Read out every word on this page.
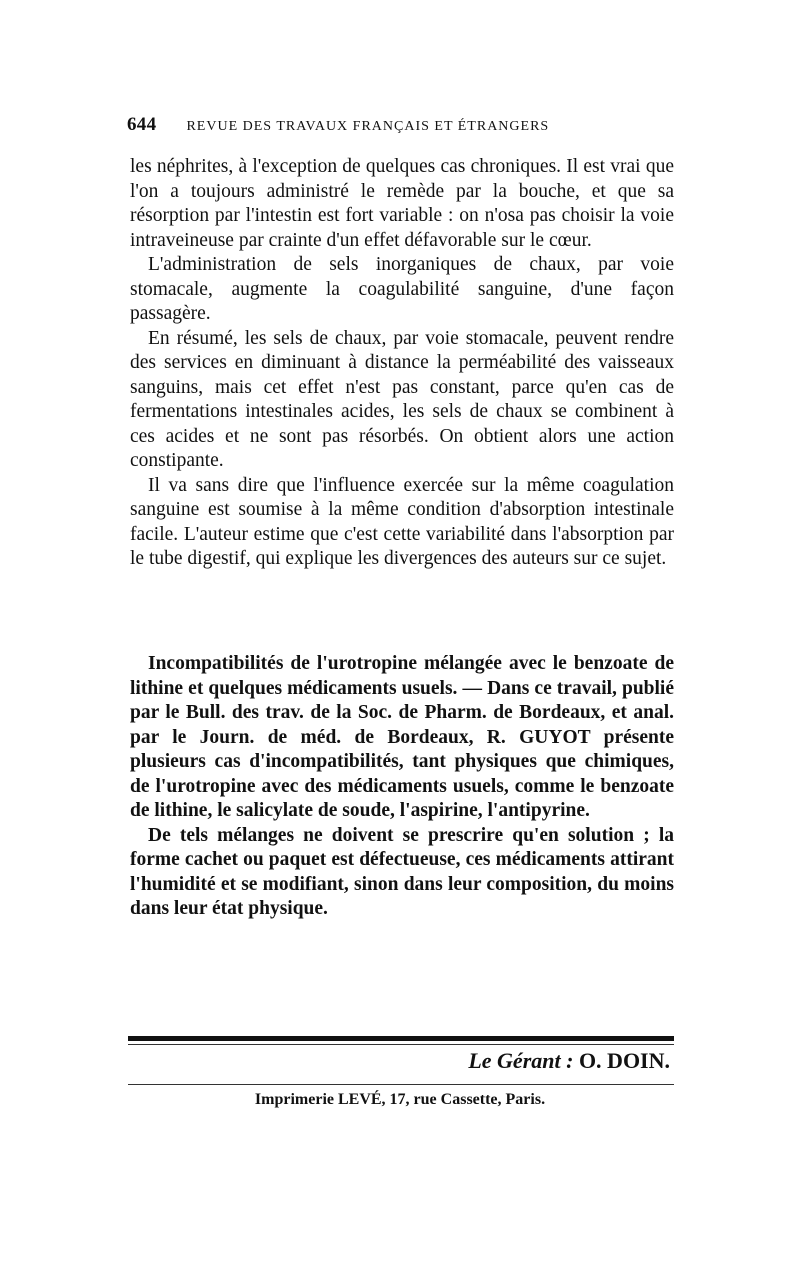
644 REVUE DES TRAVAUX FRANÇAIS ET ÉTRANGERS

les néphrites, à l'exception de quelques cas chroniques. Il est vrai que l'on a toujours administré le remède par la bouche, et que sa résorption par l'intestin est fort variable : on n'osa pas choisir la voie intraveineuse par crainte d'un effet défavorable sur le cœur.

L'administration de sels inorganiques de chaux, par voie stomacale, augmente la coagulabilité sanguine, d'une façon passagère.

En résumé, les sels de chaux, par voie stomacale, peuvent rendre des services en diminuant à distance la perméabilité des vaisseaux sanguins, mais cet effet n'est pas constant, parce qu'en cas de fermentations intestinales acides, les sels de chaux se combinent à ces acides et ne sont pas résorbés. On obtient alors une action constipante.

Il va sans dire que l'influence exercée sur la même coagulation sanguine est soumise à la même condition d'absorption intestinale facile. L'auteur estime que c'est cette variabilité dans l'absorption par le tube digestif, qui explique les divergences des auteurs sur ce sujet.

Incompatibilités de l'urotropine mélangée avec le benzoate de lithine et quelques médicaments usuels. — Dans ce travail, publié par le Bull. des trav. de la Soc. de Pharm. de Bordeaux, et anal. par le Journ. de méd. de Bordeaux, R. GUYOT présente plusieurs cas d'incompatibilités, tant physiques que chimiques, de l'urotropine avec des médicaments usuels, comme le benzoate de lithine, le salicylate de soude, l'aspirine, l'antipyrine.

De tels mélanges ne doivent se prescrire qu'en solution ; la forme cachet ou paquet est défectueuse, ces médicaments attirant l'humidité et se modifiant, sinon dans leur composition, du moins dans leur état physique.

Le Gérant : O. DOIN.
Imprimerie LEVÉ, 17, rue Cassette, Paris.
